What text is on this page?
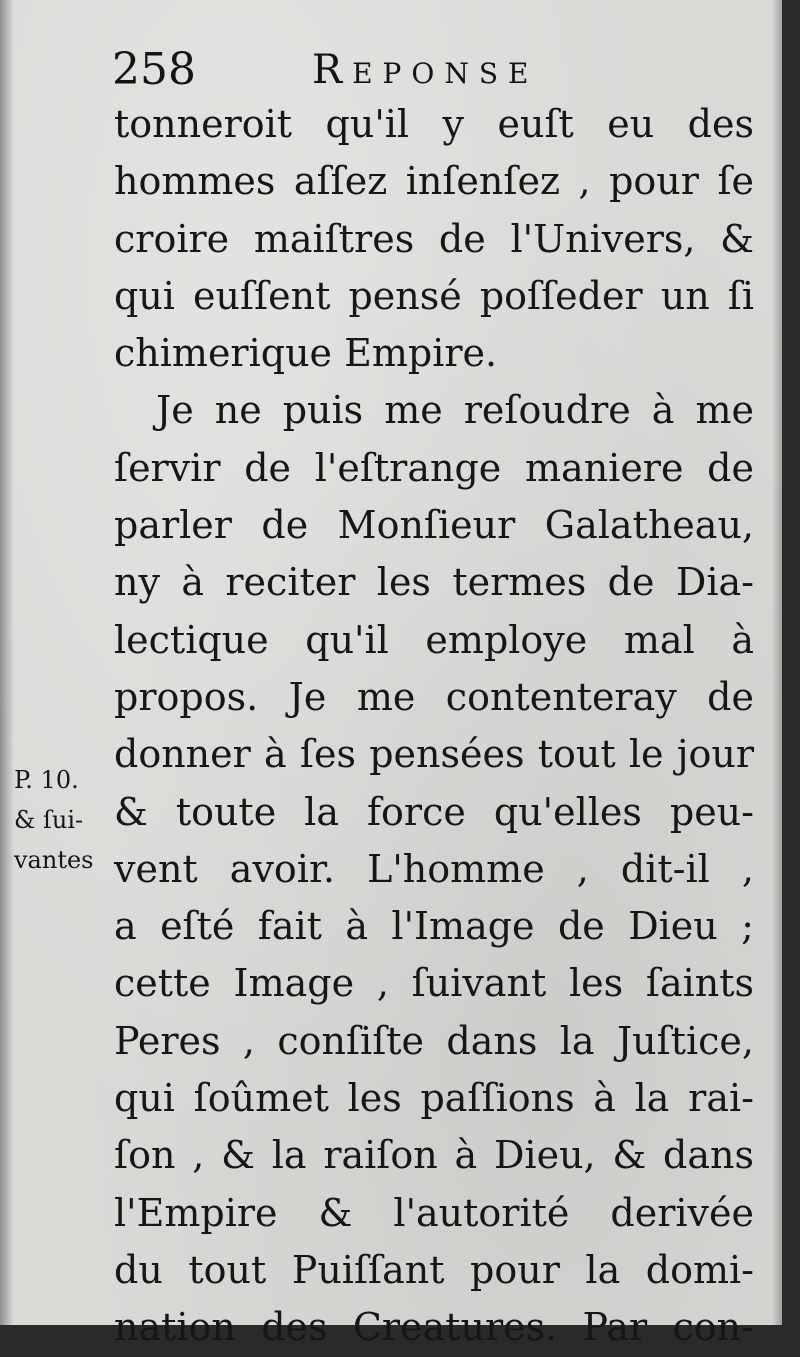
258	Reponse
tonneroit qu'il y euſt eu des
hommes aſſez inſenſez , pour ſe
croire maiſtres de l'Univers, &
qui euſſent pensé poſſeder un ſi
chimerique Empire.
Je ne puis me reſoudre à me
ſervir de l'eſtrange maniere de
parler de Monſieur Galatheau,
ny à reciter les termes de Dia-
lectique qu'il employe mal à
propos. Je me contenteray de
donner à ſes pensées tout le jour
& toute la force qu'elles peu-
vent avoir. L'homme , dit-il ,
a eſté fait à l'Image de Dieu ;
cette Image , ſuivant les ſaints
Peres , conſiſte dans la Juſtice,
qui ſoûmet les paſſions à la rai-
ſon , & la raiſon à Dieu, & dans
l'Empire & l'autorité derivée
du tout Puiſſant pour la domi-
nation des Creatures. Par con-
P. 10.
& ſui-
vantes
